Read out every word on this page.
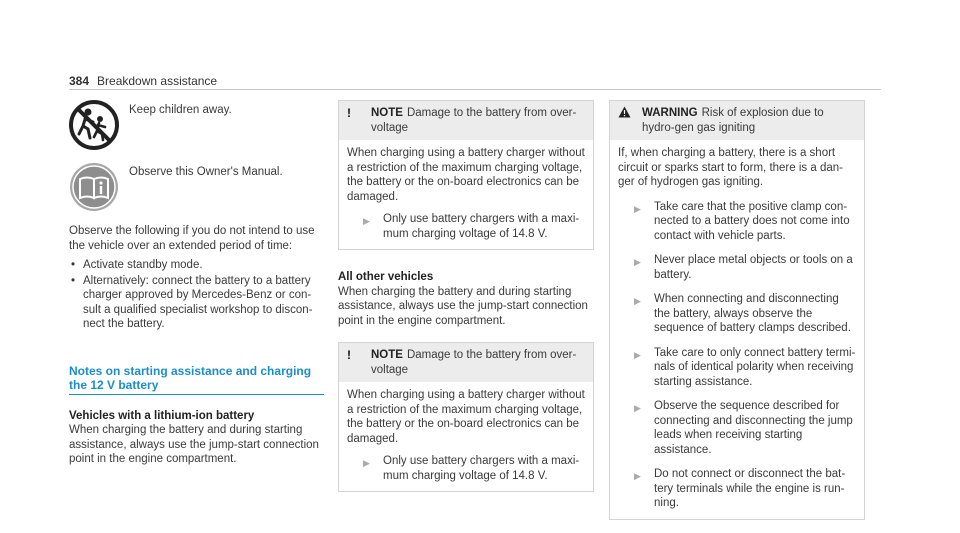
384 Breakdown assistance
Keep children away.
Observe this Owner's Manual.

Observe the following if you do not intend to use the vehicle over an extended period of time:

• Activate standby mode.
• Alternatively: connect the battery to a battery charger approved by Mercedes-Benz or con-sult a qualified specialist workshop to discon-nect the battery.
Notes on starting assistance and charging the 12 V battery
Vehicles with a lithium-ion battery

When charging the battery and during starting assistance, always use the jump-start connection point in the engine compartment.

!	NOTE Damage to the battery from over-voltage

When charging using a battery charger without a restriction of the maximum charging voltage, the battery or the on-board electronics can be damaged.

▶ Only use battery chargers with a maxi-mum charging voltage of 14.8 V.
All other vehicles

When charging the battery and during starting assistance, always use the jump-start connection point in the engine compartment.

!	NOTE Damage to the battery from over-voltage

When charging using a battery charger without a restriction of the maximum charging voltage, the battery or the on-board electronics can be damaged.

▶ Only use battery chargers with a maxi-mum charging voltage of 14.8 V.
WARNING Risk of explosion due to hydro-gen gas igniting

If, when charging a battery, there is a short circuit or sparks start to form, there is a dan-ger of hydrogen gas igniting.

▶ Take care that the positive clamp con-nected to a battery does not come into contact with vehicle parts.
▶ Never place metal objects or tools on a battery.
▶ When connecting and disconnecting the battery, always observe the sequence of battery clamps described.
▶ Take care to only connect battery termi-nals of identical polarity when receiving starting assistance.
▶ Observe the sequence described for connecting and disconnecting the jump leads when receiving starting assistance.
▶ Do not connect or disconnect the bat-tery terminals while the engine is run-ning.
